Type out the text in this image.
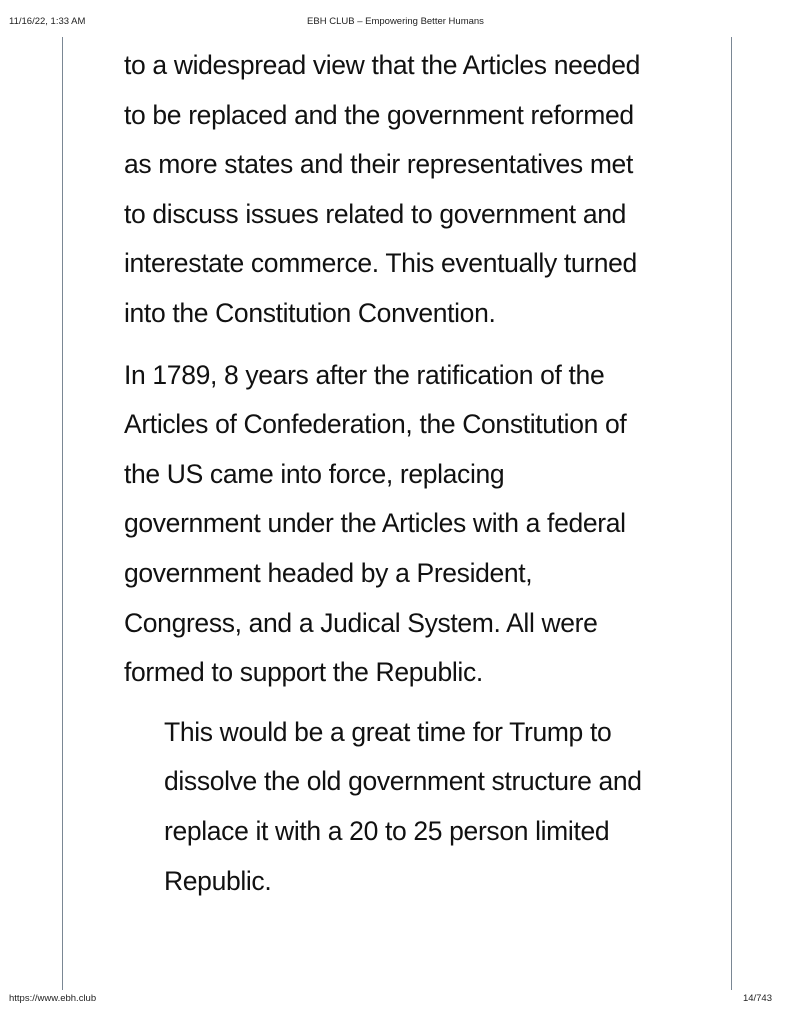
11/16/22, 1:33 AM	EBH CLUB – Empowering Better Humans

to a widespread view that the Articles needed
to be replaced and the government reformed
as more states and their representatives met
to discuss issues related to government and
interestate commerce. This eventually turned
into the Constitution Convention.

In 1789, 8 years after the ratification of the
Articles of Confederation, the Constitution of
the US came into force, replacing
government under the Articles with a federal
government headed by a President,
Congress, and a Judical System. All were
formed to support the Republic.

This would be a great time for Trump to
dissolve the old government structure and
replace it with a 20 to 25 person limited
Republic.

https://www.ebh.club	14/743
